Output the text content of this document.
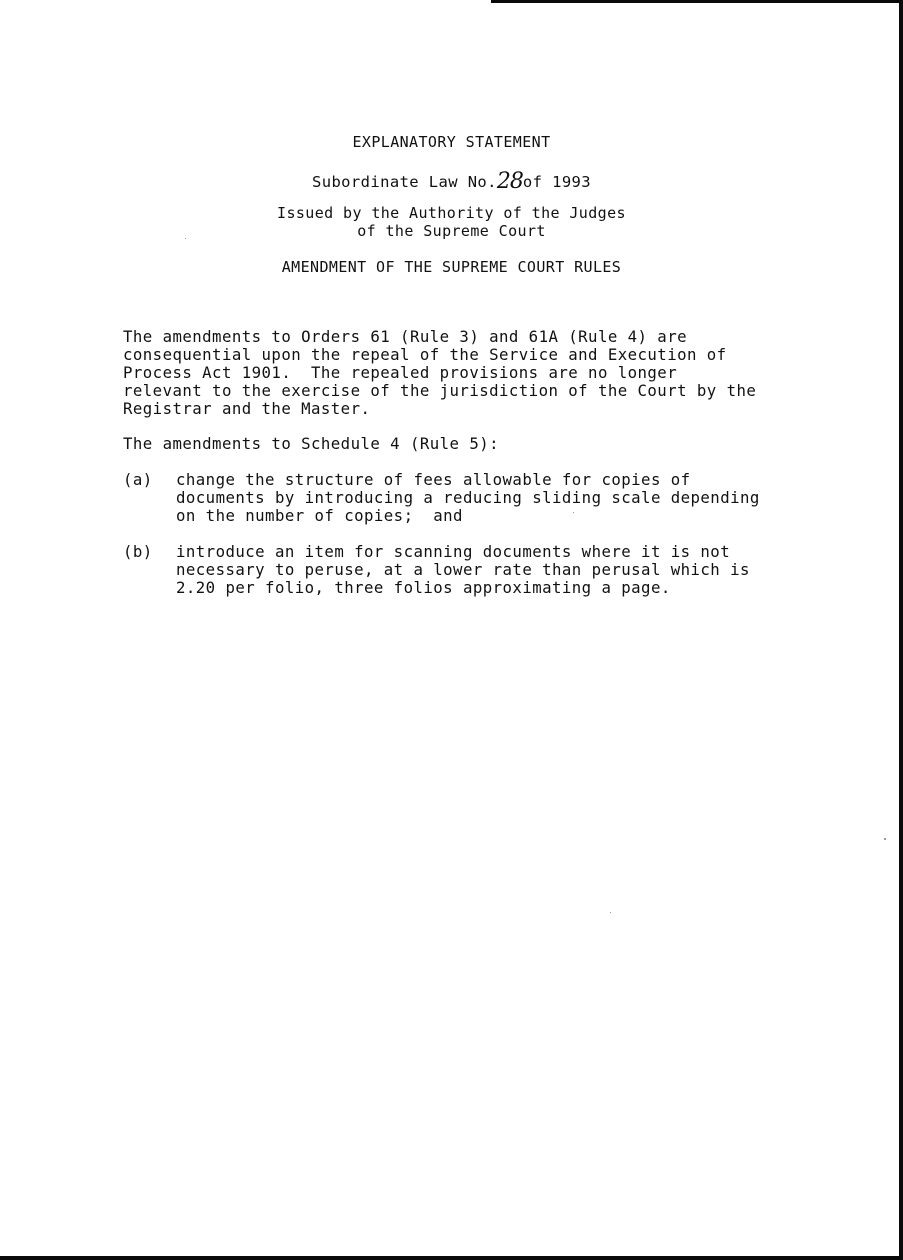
EXPLANATORY STATEMENT
Subordinate Law No.28of 1993
Issued by the Authority of the Judges
of the Supreme Court
AMENDMENT OF THE SUPREME COURT RULES
The amendments to Orders 61 (Rule 3) and 61A (Rule 4) are
consequential upon the repeal of the Service and Execution of
Process Act 1901.  The repealed provisions are no longer
relevant to the exercise of the jurisdiction of the Court by the
Registrar and the Master.
The amendments to Schedule 4 (Rule 5):
(a) change the structure of fees allowable for copies of
documents by introducing a reducing sliding scale depending
on the number of copies;  and
(b) introduce an item for scanning documents where it is not
necessary to peruse, at a lower rate than perusal which is
2.20 per folio, three folios approximating a page.
